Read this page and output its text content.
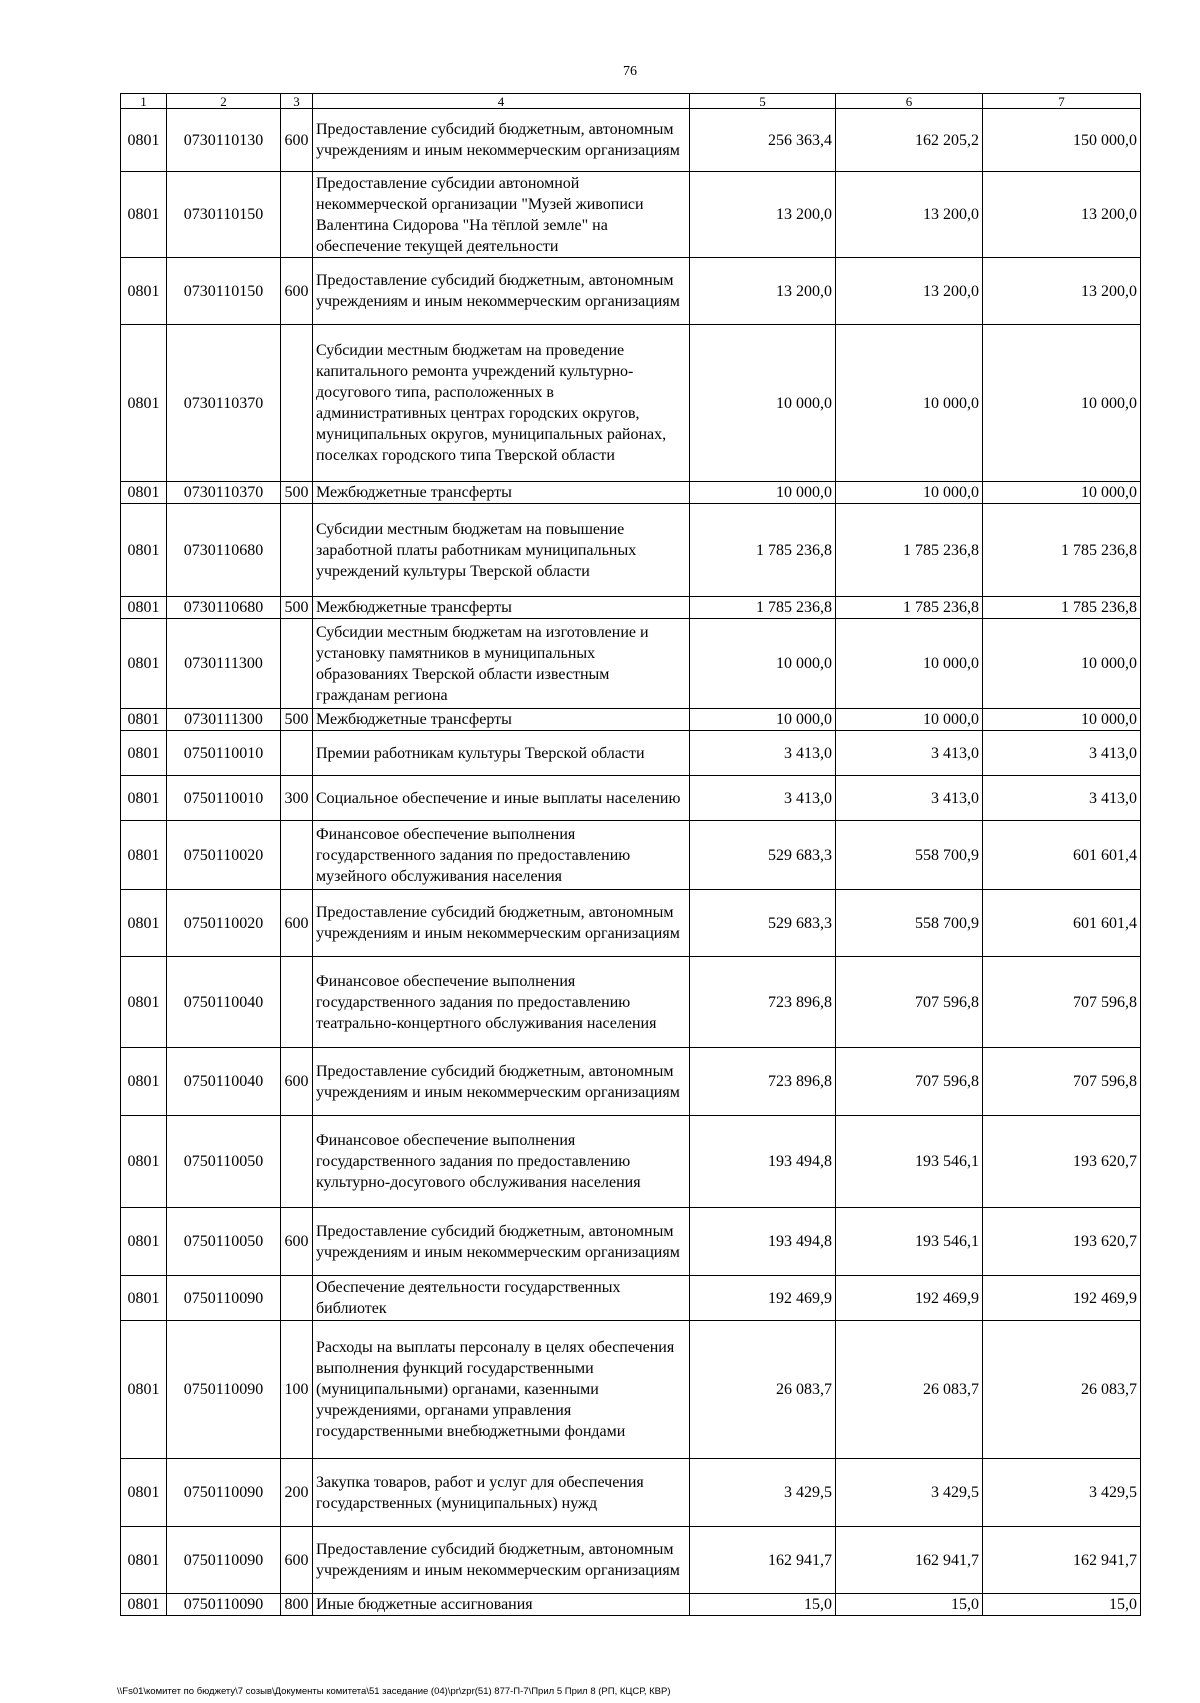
76
1	2	3	4	5	6	7
0801	0730110130	600	Предоставление субсидий бюджетным, автономным учреждениям и иным некоммерческим организациям	256 363,4	162 205,2	150 000,0
0801	0730110150		Предоставление субсидии автономной некоммерческой организации "Музей живописи Валентина Сидорова "На тёплой земле" на обеспечение текущей деятельности	13 200,0	13 200,0	13 200,0
0801	0730110150	600	Предоставление субсидий бюджетным, автономным учреждениям и иным некоммерческим организациям	13 200,0	13 200,0	13 200,0
0801	0730110370		Субсидии местным бюджетам на проведение капитального ремонта учреждений культурно-досугового типа, расположенных в административных центрах городских округов, муниципальных округов, муниципальных районах, поселках городского типа Тверской области	10 000,0	10 000,0	10 000,0
0801	0730110370	500	Межбюджетные трансферты	10 000,0	10 000,0	10 000,0
0801	0730110680		Субсидии местным бюджетам на повышение заработной платы работникам муниципальных учреждений культуры Тверской области	1 785 236,8	1 785 236,8	1 785 236,8
0801	0730110680	500	Межбюджетные трансферты	1 785 236,8	1 785 236,8	1 785 236,8
0801	0730111300		Субсидии местным бюджетам на изготовление и установку памятников в муниципальных образованиях Тверской области известным гражданам региона	10 000,0	10 000,0	10 000,0
0801	0730111300	500	Межбюджетные трансферты	10 000,0	10 000,0	10 000,0
0801	0750110010		Премии работникам культуры Тверской области	3 413,0	3 413,0	3 413,0
0801	0750110010	300	Социальное обеспечение и иные выплаты населению	3 413,0	3 413,0	3 413,0
0801	0750110020		Финансовое обеспечение выполнения государственного задания по предоставлению музейного обслуживания населения	529 683,3	558 700,9	601 601,4
0801	0750110020	600	Предоставление субсидий бюджетным, автономным учреждениям и иным некоммерческим организациям	529 683,3	558 700,9	601 601,4
0801	0750110040		Финансовое обеспечение выполнения государственного задания по предоставлению театрально-концертного обслуживания населения	723 896,8	707 596,8	707 596,8
0801	0750110040	600	Предоставление субсидий бюджетным, автономным учреждениям и иным некоммерческим организациям	723 896,8	707 596,8	707 596,8
0801	0750110050		Финансовое обеспечение выполнения государственного задания по предоставлению культурно-досугового обслуживания населения	193 494,8	193 546,1	193 620,7
0801	0750110050	600	Предоставление субсидий бюджетным, автономным учреждениям и иным некоммерческим организациям	193 494,8	193 546,1	193 620,7
0801	0750110090		Обеспечение деятельности государственных библиотек	192 469,9	192 469,9	192 469,9
0801	0750110090	100	Расходы на выплаты персоналу в целях обеспечения выполнения функций государственными (муниципальными) органами, казенными учреждениями, органами управления государственными внебюджетными фондами	26 083,7	26 083,7	26 083,7
0801	0750110090	200	Закупка товаров, работ и услуг для обеспечения государственных (муниципальных) нужд	3 429,5	3 429,5	3 429,5
0801	0750110090	600	Предоставление субсидий бюджетным, автономным учреждениям и иным некоммерческим организациям	162 941,7	162 941,7	162 941,7
0801	0750110090	800	Иные бюджетные ассигнования	15,0	15,0	15,0
\\Fs01\комитет по бюджету\7 созыв\Документы комитета\51 заседание (04)\pr\zpr(51) 877-П-7\Прил 5 Прил 8 (РП, КЦСР, КВР)
